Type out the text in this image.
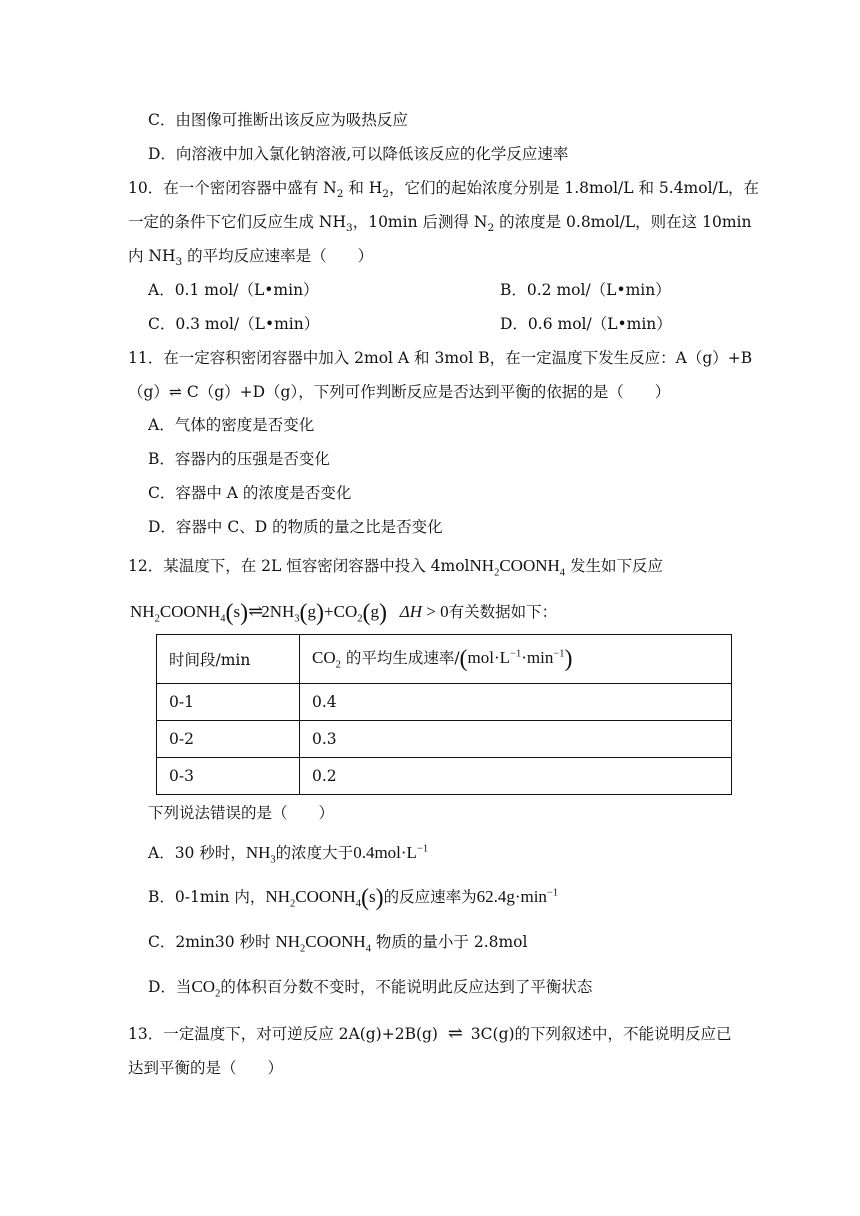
C．由图像可推断出该反应为吸热反应
D．向溶液中加入氯化钠溶液,可以降低该反应的化学反应速率
10．在一个密闭容器中盛有 $N_2$ 和 $H_2$，它们的起始浓度分别是 1.8mol/L 和 5.4mol/L，在
一定的条件下它们反应生成 $NH_3$，10min 后测得 $N_2$ 的浓度是 0.8mol/L，则在这 10min
内 $NH_3$ 的平均反应速率是（　　）
A．0.1 mol/（L•min）	B．0.2 mol/（L•min）
C．0.3 mol/（L•min）	D．0.6 mol/（L•min）
11．在一定容积密闭容器中加入 2mol A 和 3mol B，在一定温度下发生反应：A（g）+B
（g）⇌ C（g）+D（g），下列可作判断反应是否达到平衡的依据的是（　　）
A．气体的密度是否变化
B．容器内的压强是否变化
C．容器中 A 的浓度是否变化
D．容器中 C、D 的物质的量之比是否变化
12．某温度下，在 2L 恒容密闭容器中投入 $4molNH_2COONH_4$ 发生如下反应
$NH_2COONH_4(s)\rightleftharpoons 2NH_3(g)+CO_2(g) \Delta H > 0$有关数据如下：
时间段/min	$CO_2$ 的平均生成速率$/(mol\cdot L^{-1}\cdot\min^{-1})$
0-1	0.4
0-2	0.3
0-3	0.2
下列说法错误的是（　　）
A．30 秒时，$NH_3$的浓度大于$0.4mol\cdot L^{-1}$
B．0-1min 内，$NH_2COONH_4(s)$的反应速率为$62.4g\cdot\min^{-1}$
C．2min30 秒时 $NH_2COONH_4$ 物质的量小于 2.8mol
D．当$CO_2$的体积百分数不变时，不能说明此反应达到了平衡状态
13．一定温度下，对可逆反应 2A(g)+2B(g) ⇌ 3C(g)的下列叙述中，不能说明反应已
达到平衡的是（　　）
